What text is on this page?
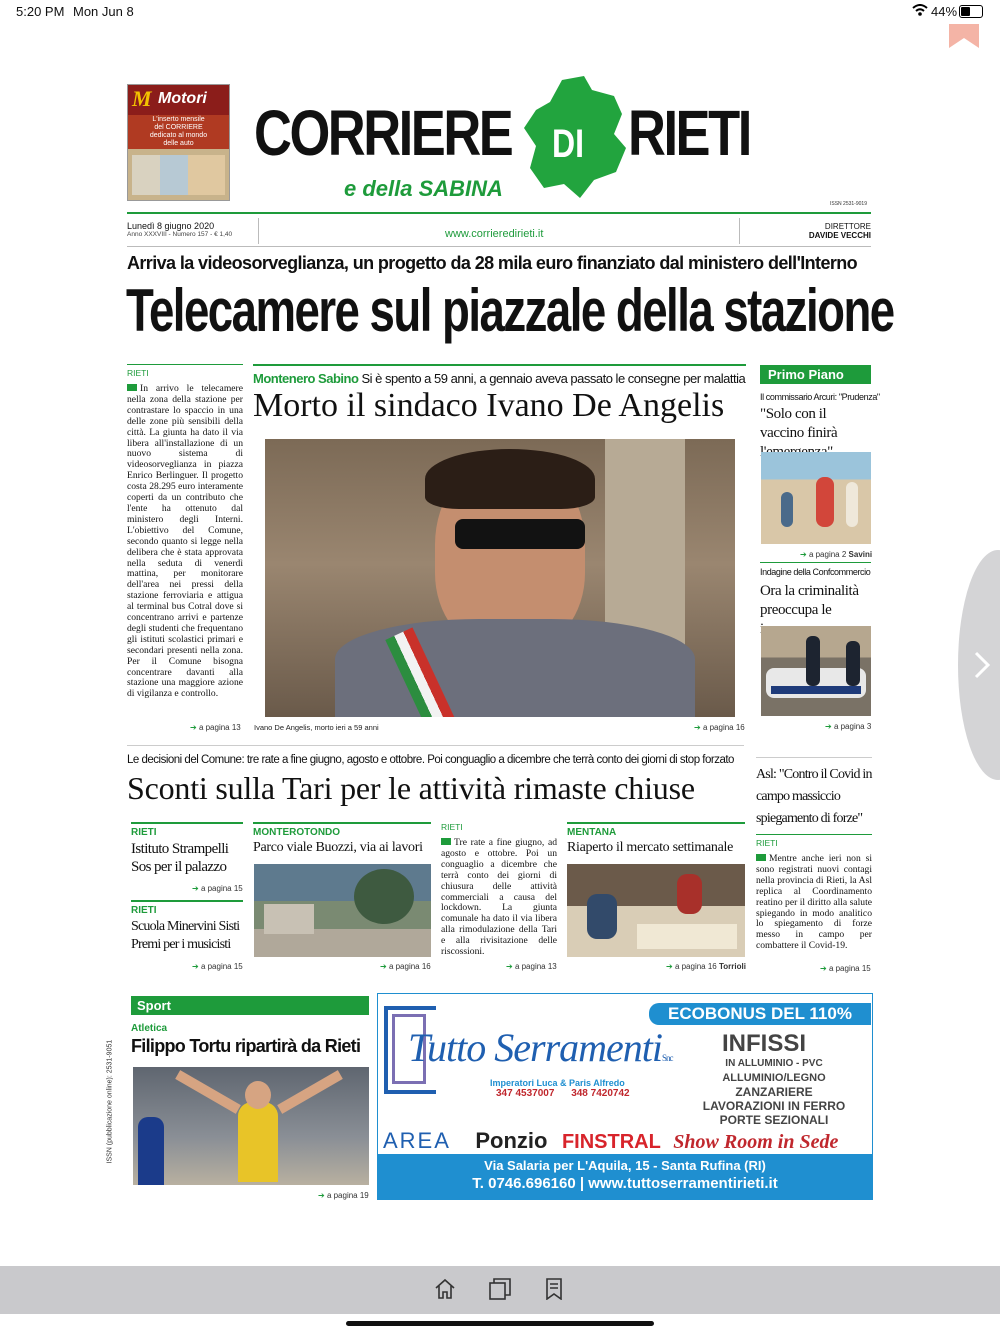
5:20 PM Mon Jun 8	44%
M Motori
L'inserto mensile
del CORRIERE
dedicato al mondo
delle auto CORRIERE DI RIETI
e della SABINA
ISSN 2531-9019
Lunedì 8 giugno 2020
Anno XXXVIII - Numero 157 - € 1,40	www.corrieredirieti.it
DIRETTORE
DAVIDE VECCHI
Arriva la videosorveglianza, un progetto da 28 mila euro finanziato dal ministero dell'Interno
Telecamere sul piazzale della stazione
RIETI
In arrivo le telecamere nella zona della stazione per contrastare lo spaccio in una delle zone più sensibili della città. La giunta ha dato il via libera all'installazione di un nuovo sistema di videosorveglianza in piazza Enrico Berlinguer. Il progetto costa 28.295 euro interamente coperti da un contributo che l'ente ha ottenuto dal ministero degli Interni. L'obiettivo del Comune, secondo quanto si legge nella delibera che è stata approvata nella seduta di venerdì mattina, per monitorare dell'area nei pressi della stazione ferroviaria e attigua al terminal bus Cotral dove si concentrano arrivi e partenze degli studenti che frequentano gli istituti scolastici primari e secondari presenti nella zona. Per il Comune bisogna concentrare davanti alla stazione una maggiore azione di vigilanza e controllo.
➔ a pagina 13
Montenero Sabino Si è spento a 59 anni, a gennaio aveva passato le consegne per malattia
Morto il sindaco Ivano De Angelis
Ivano De Angelis, morto ieri a 59 anni	➔ a pagina 16
Primo Piano
Il commissario Arcuri: "Prudenza"
"Solo con il vaccino finirà
➔ a pagina 2 Savini
Indagine della Confcommercio
Ora la criminalità preoccupa le
➔ a pagina 3
Le decisioni del Comune: tre rate a fine giugno, agosto e ottobre. Poi conguaglio a dicembre che terrà conto dei giorni di stop forzato
Sconti sulla Tari per le attività rimaste chiuse
RIETI
Istituto Strampelli Sos per il palazzo
➔ a pagina 15
RIETI
Scuola Minervini Sisti Premi per i musicisti
➔ a pagina 15
MONTEROTONDO
Parco viale Buozzi, via ai lavori
➔ a pagina 16
RIETI
Tre rate a fine giugno, ad agosto e ottobre. Poi un conguaglio a dicembre che terrà conto dei giorni di chiusura delle attività commerciali a causa del lockdown. La giunta comunale ha dato il via libera alla rimodulazione della Tari e alla rivisitazione delle riscossioni.
➔ a pagina 13
MENTANA
Riaperto il mercato settimanale
➔ a pagina 16 Torrioli
Asl: "Contro il Covid in campo massiccio spiegamento di forze"
RIETI
Mentre anche ieri non si sono registrati nuovi contagi nella provincia di Rieti, la Asl replica al Coordinamento reatino per il diritto alla salute spiegando in modo analitico lo spiegamento di forze messo in campo per combattere il Covid-19.
➔ a pagina 15
ISSN (pubblicazione online): 2531-9051
Sport
Atletica
Filippo Tortu ripartirà da Rieti
➔ a pagina 19
ECOBONUS DEL 110%
Tutto SerramentiSnc
Imperatori Luca & Paris Alfredo
347 4537007 348 7420742
INFISSI
IN ALLUMINIO - PVC
ALLUMINIO/LEGNO
ZANZARIERE
LAVORAZIONI IN FERRO
PORTE SEZIONALI
AREA Ponzio FINSTRAL Show Room in Sede
Via Salaria per L'Aquila, 15 - Santa Rufina (RI)
T. 0746.696160 | www.tuttoserramentirieti.it
